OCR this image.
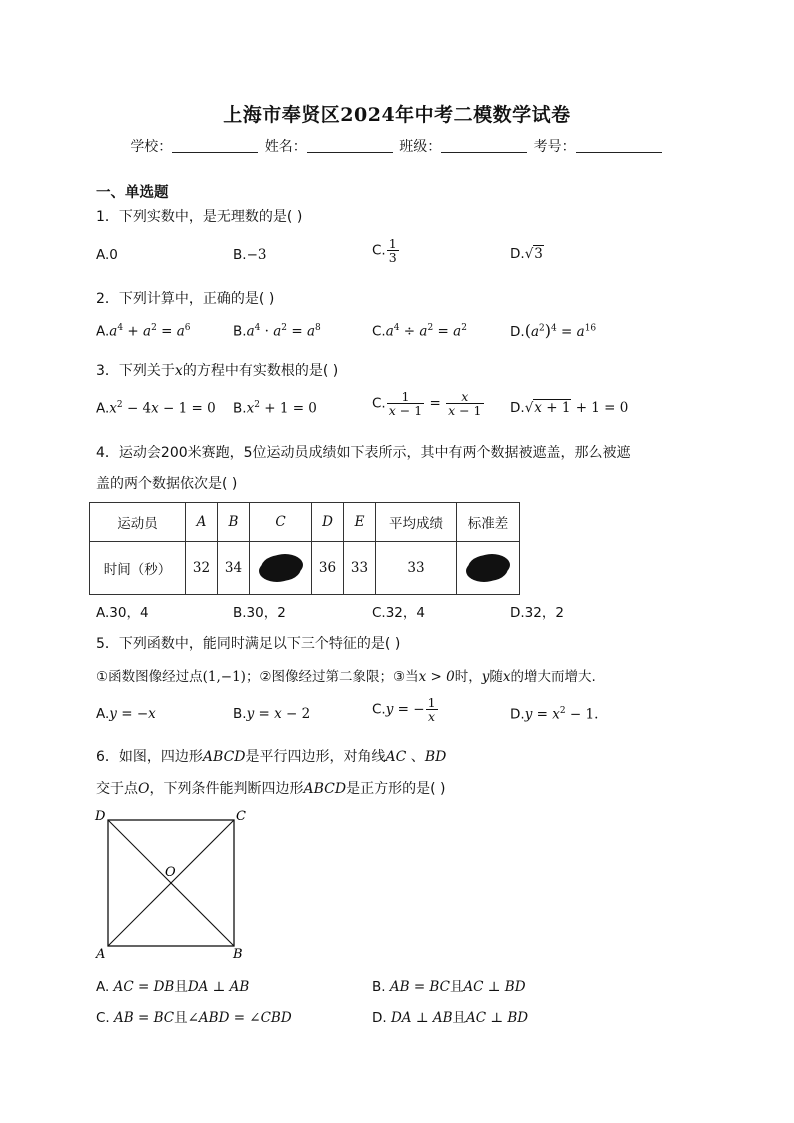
上海市奉贤区2024年中考二模数学试卷
学校：	姓名：	班级：	考号：
一、单选题
1．下列实数中，是无理数的是( )
A.0	B.−3	C. $\frac{1}{3}$	D.√3
2．下列计算中，正确的是( )
$A.a^4 + a^2 = a^6$	$B.a^4 \cdot a^2 = a^8$	$C.a^4 \div a^2 = a^2$	$D.(a^2)^4 = a^{16}$
3．下列关于x的方程中有实数根的是( )
$A.x^2 - 4x - 1 = 0$ $B.x^2 + 1 = 0$	C. $\frac{1}{x - 1} = \frac{x}{x - 1} D.√x + 1 + 1 = 0$
4．运动会200米赛跑，5位运动员成绩如下表所示，其中有两个数据被遮盖，那么被遮
盖的两个数据依次是( )
运动员	A	B	C	D	E	平均成绩	标准差
时间（秒）	32	34		36	33	33	
A.30，4	B.30，2	C.32，4	D.32，2
5．下列函数中，能同时满足以下三个特征的是( )
①函数图像经过点(1,−1)；②图像经过第二象限；③当x > 0时，y随x的增大而增大.
A.y = −x	B.y = x − 2	C.y = − $\frac{1}{x}$	$D.y = x^2 - 1$.
6．如图，四边形ABCD是平行四边形，对角线AC 、BD
交于点O，下列条件能判断四边形ABCD是正方形的是( )
D	C
O
A	B
A. AC = DB且DA ⊥ AB	B. AB = BC且AC ⊥ BD
C. AB = BC且∠ABD = ∠CBD	D. DA ⊥ AB且AC ⊥ BD
